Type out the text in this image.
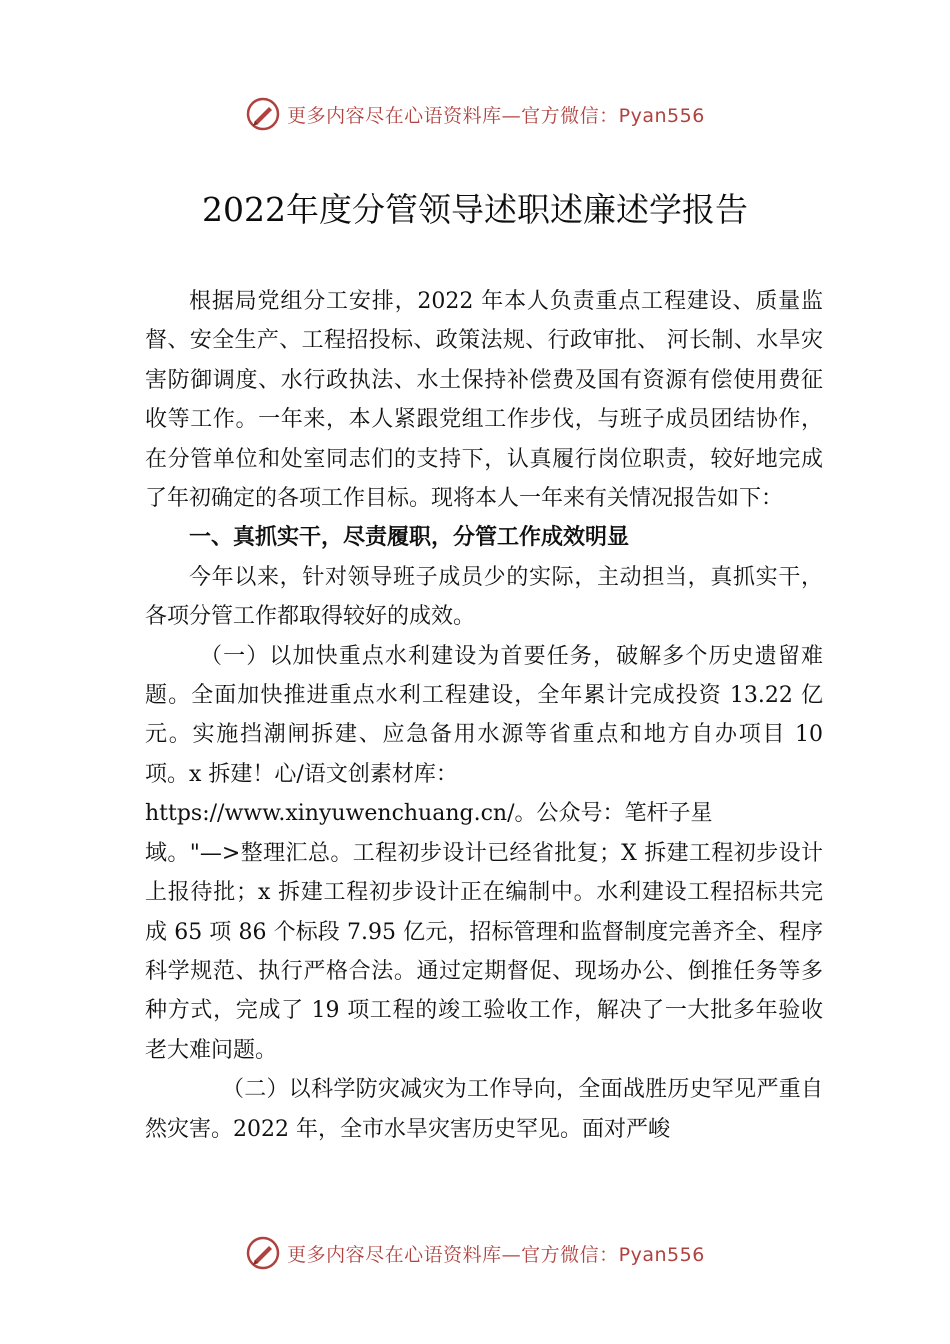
更多内容尽在心语资料库—官方微信：Pyan556
2022年度分管领导述职述廉述学报告

根据局党组分工安排，2022 年本人负责重点工程建设、质量监督、安全生产、工程招投标、政策法规、行政审批、 河长制、水旱灾害防御调度、水行政执法、水土保持补偿费及国有资源有偿使用费征收等工作。一年来，本人紧跟党组工作步伐，与班子成员团结协作，在分管单位和处室同志们的支持下，认真履行岗位职责，较好地完成了年初确定的各项工作目标。现将本人一年来有关情况报告如下：

一、真抓实干，尽责履职，分管工作成效明显

今年以来，针对领导班子成员少的实际，主动担当，真抓实干，各项分管工作都取得较好的成效。

（一）以加快重点水利建设为首要任务，破解多个历史遗留难题。全面加快推进重点水利工程建设，全年累计完成投资 13.22 亿元。实施挡潮闸拆建、应急备用水源等省重点和地方自办项目 10 项。x 拆建！心/语文创素材库：

https://www.xinyuwenchuang.cn/。公众号：笔杆子星

域。"—>整理汇总。工程初步设计已经省批复；X 拆建工程初步设计上报待批；x 拆建工程初步设计正在编制中。水利建设工程招标共完成 65 项 86 个标段 7.95 亿元，招标管理和监督制度完善齐全、程序科学规范、执行严格合法。通过定期督促、现场办公、倒推任务等多种方式，完成了 19 项工程的竣工验收工作，解决了一大批多年验收老大难问题。

（二）以科学防灾减灾为工作导向，全面战胜历史罕见严重自然灾害。2022 年，全市水旱灾害历史罕见。面对严峻

更多内容尽在心语资料库—官方微信：Pyan556
